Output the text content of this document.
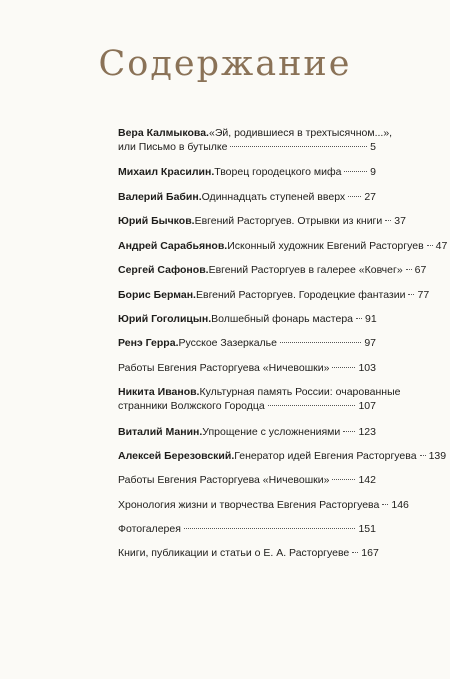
Содержание
Вера Калмыкова. «Эй, родившиеся в трехтысячном...»,
или Письмо в бутылке	5
Михаил Красилин. Творец городецкого мифа	9
Валерий Бабин. Одиннадцать ступеней вверх 27
Юрий Бычков. Евгений Расторгуев. Отрывки из книги 37
Андрей Сарабьянов. Исконный художник Евгений Расторгуев 47
Сергей Сафонов. Евгений Расторгуев в галерее «Ковчег» 67
Борис Берман. Евгений Расторгуев. Городецкие фантазии 77
Юрий Гоголицын. Волшебный фонарь мастера 91
Ренэ Герра. Русское Зазеркалье	97
Работы Евгения Расторгуева «Ничевошки»	103
Никита Иванов. Культурная память России: очарованные
странники Волжского Городца	107
Виталий Манин. Упрощение с усложнениями 123
Алексей Березовский. Генератор идей Евгения Расторгуева 139
Работы Евгения Расторгуева «Ничевошки»	142
Хронология жизни и творчества Евгения Расторгуева 146
Фотогалерея	151
Книги, публикации и статьи о Е. А. Расторгуеве 167
